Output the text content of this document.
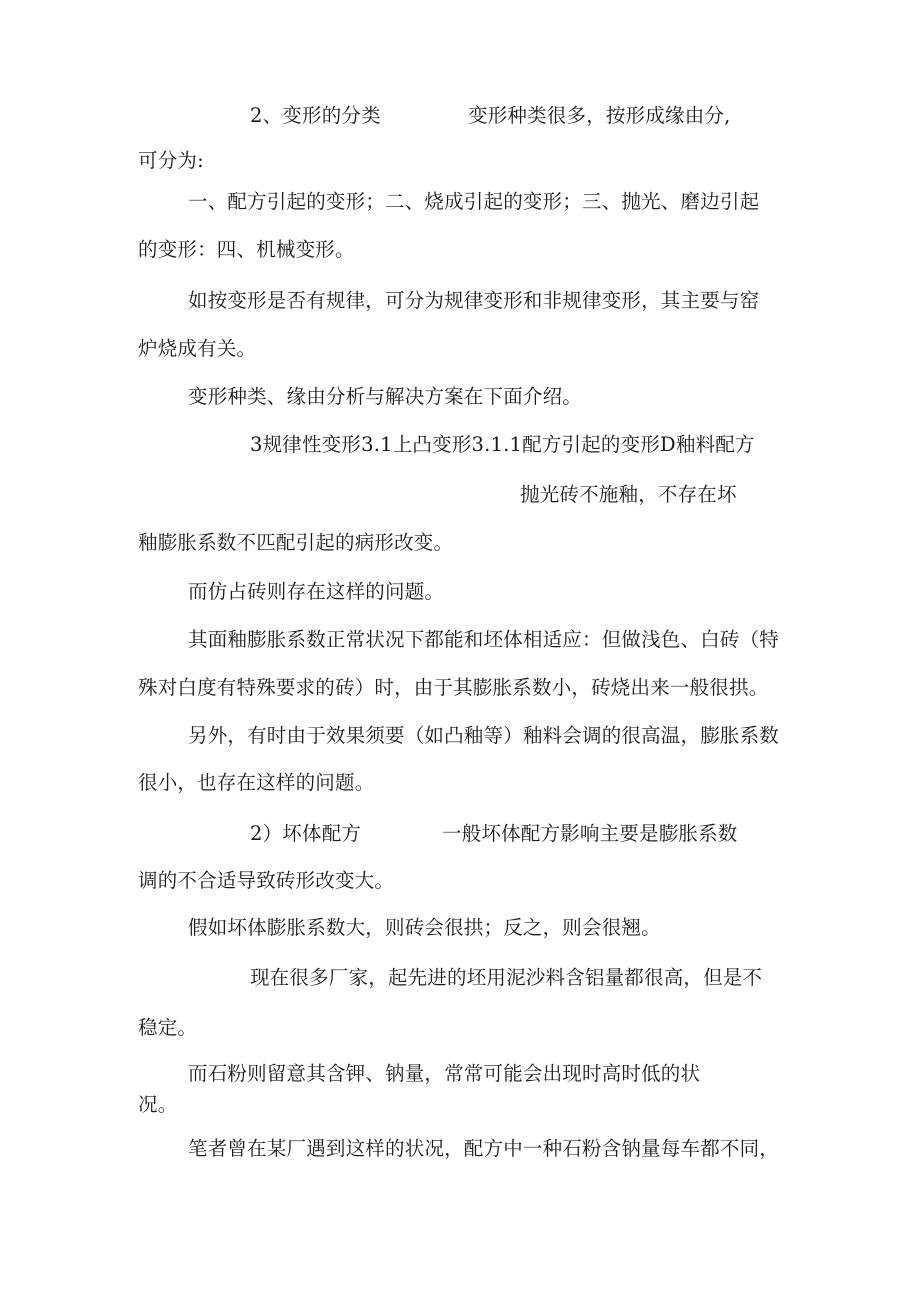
2、变形的分类	变形种类很多，按形成缘由分,
可分为:
一、配方引起的变形；二、烧成引起的变形；三、抛光、磨边引起
的变形：四、机械变形。
如按变形是否有规律，可分为规律变形和非规律变形，其主要与窑
炉烧成有关。
变形种类、缘由分析与解决方案在下面介绍。
3规律性变形3.1上凸变形3.1.1配方引起的变形D釉料配方
抛光砖不施釉，不存在坏
釉膨胀系数不匹配引起的病形改变。
而仿占砖则存在这样的问题。
其面釉膨胀系数正常状况下都能和坯体相适应：但做浅色、白砖（特
殊对白度有特殊要求的砖）时，由于其膨胀系数小，砖烧出来一般很拱。
另外，有时由于效果须要（如凸釉等）釉料会调的很高温，膨胀系数
很小，也存在这样的问题。
2）坏体配方	一般坏体配方影响主要是膨胀系数
调的不合适导致砖形改变大。
假如坏体膨胀系数大，则砖会很拱；反之，则会很翘。
现在很多厂家，起先进的坯用泥沙料含铝量都很高，但是不
稳定。
而石粉则留意其含钾、钠量，常常可能会出现时高时低的状
况。
笔者曾在某厂遇到这样的状况，配方中一种石粉含钠量每车都不同，
